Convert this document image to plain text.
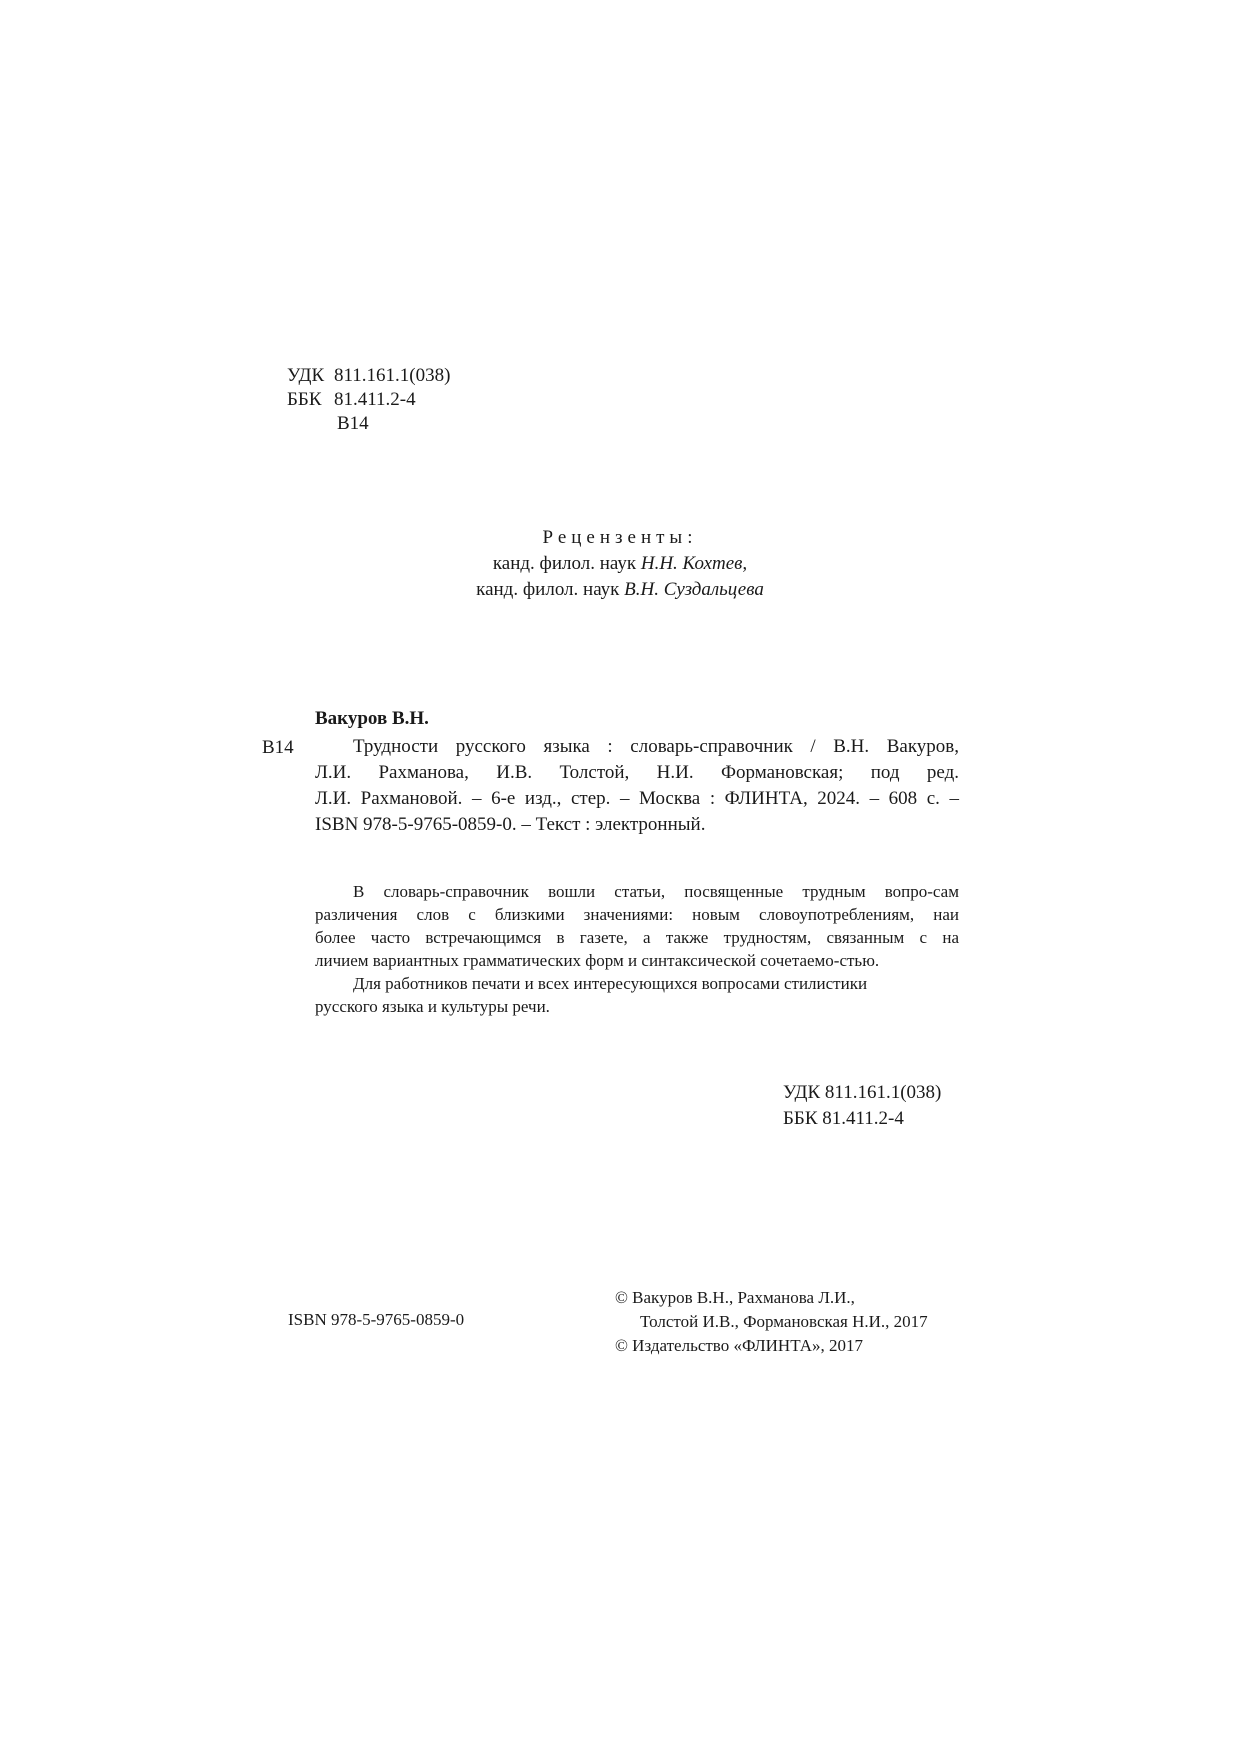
УДК 811.161.1(038)
ББК 81.411.2-4
В14
Рецензенты:
канд. филол. наук Н.Н. Кохтев,
канд. филол. наук В.Н. Суздальцева
Вакуров В.Н.
В14	Трудности русского языка : словарь-справочник / В.Н. Вакуров,

Л.И. Рахманова, И.В. Толстой, Н.И. Формановская; под ред.

Л.И. Рахмановой. – 6-е изд., стер. – Москва : ФЛИНТА, 2024. – 608 с. –

ISBN 978-5-9765-0859-0. – Текст : электронный.

В словарь-справочник вошли статьи, посвященные трудным вопро-сам

различения слов с близкими значениями: новым словоупотреблениям, наи

более часто встречающимся в газете, а также трудностям, связанным с на

личием вариантных грамматических форм и синтаксической сочетаемо-стью.

Для работников печати и всех интересующихся вопросами стилистики

русского языка и культуры речи.

УДК 811.161.1(038)
ББК 81.411.2-4
ISBN 978-5-9765-0859-0
© Вакуров В.Н., Рахманова Л.И.,
Толстой И.В., Формановская Н.И., 2017
© Издательство «ФЛИНТА», 2017
